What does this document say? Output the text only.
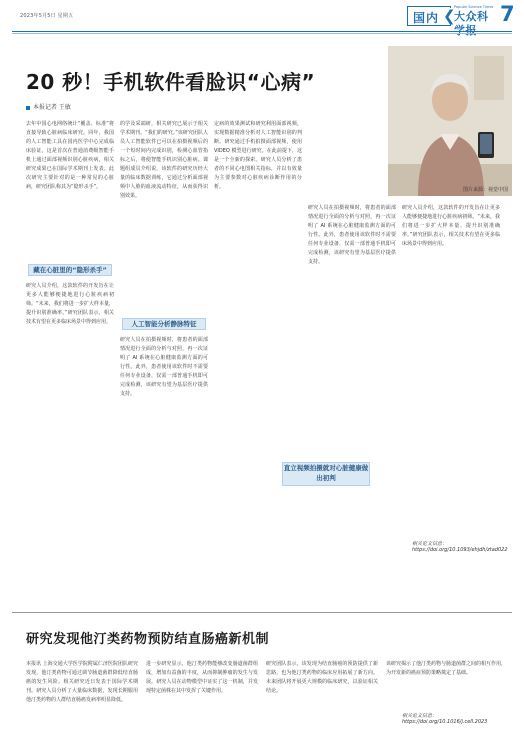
2023年5月5日 星期五	国内 ❮
Popular Science Times
大众科 7
20 秒！手机软件看脸识“心病”
本报记者 王敏
图片来源：视觉中国
去年中国心电网络统计“覆盖、标准”将直接导致心脏病临床研究。同年，我国的人工智能工具在国内医学中心完成临床验证，这是首次在普通消费级智能手机上通过面部视频识别心脏疾病，相关研究成果已在国际学术期刊上发表。此次研究主要针对的是一种常见的心脏病，研究团队称其为“隐形杀手”。
藏在心脏里的“隐形杀手”
研究人员介绍，这款软件的开发旨在让更多人能够便捷地进行心脏疾病初筛。“未来，我们将进一步扩大样本量，提升识别准确率。”研究团队表示，相关技术有望在更多临床场景中得到应用。
的学及采端研，相关研究已展示于相关学术期刊。“我们的研究。”该研究团队人员人工智能软件已可以在拍摄视频后的一个短时间内完成识别，检测心血管指标之后，将使智能手机识别心脏病。课题组成员介绍说，该软件的研究历经大量的临床数据训练，它通过分析面部视频中人脸的血液流动特征，从而获得识别效果。
人工智能分析静脉特征
研究人员在拍摄视频时，将患者的面部情况进行全面的分析与对照，再一次证明了 AI 系统在心脏健康监测方面的可行性。此外，患者使用该软件时不需要任何专业设备，仅需一部普通手机即可完成检测，该研究有望为基层医疗提供支持。
定病的效果测试和研究利用面部视频，实现数据精准分析对人工智能识别的判断。研究通过手机拍摄面部视频，使用 VIDEO 模型进行研究。在此前提下，这是一个全新的探索。研究人员分析了患者的不同心电图相关指标，并以有效量为主要参数对心脏疾病诊断作用的分析。
直立视频拍摄就对心脏健康做出初判
研究人员在拍摄视频时，将患者的面部情况进行全面的分析与对照，再一次证明了 AI 系统在心脏健康监测方面的可行性。此外，患者使用该软件时不需要任何专业设备，仅需一部普通手机即可完成检测，该研究有望为基层医疗提供支持。
研究人员介绍，这款软件的开发旨在让更多人能够便捷地进行心脏疾病初筛。“未来，我们将进一步扩大样本量，提升识别准确率。”研究团队表示，相关技术有望在更多临床场景中得到应用。
相关论文信息：https://doi.org/10.1093/ehjdh/ztad022
研究发现他汀类药物预防结直肠癌新机制
本报讯 上海交通大学医学院附属仁济医院团队研究发现，他汀类药物可通过调节肠道菌群降低结直肠癌的发生风险。相关研究近日发表于国际学术期刊。研究人员分析了大量临床数据，发现长期服用他汀类药物的人群结直肠癌发病率明显降低。
进一步研究显示，他汀类药物能够改变肠道菌群组成，增加有益菌的丰度，从而抑制肿瘤的发生与发展。研究人员在动物模型中证实了这一机制，并发现特定菌株在其中发挥了关键作用。
研究团队表示，该发现为结直肠癌的预防提供了新思路，也为他汀类药物的临床应用拓展了新方向。未来团队将开展更大规模的临床研究，以验证相关结论。
该研究揭示了他汀类药物与肠道菌群之间的相互作用，为开发新的癌症预防策略奠定了基础。
相关论文信息：https://doi.org/10.1016/j.cell.2023
